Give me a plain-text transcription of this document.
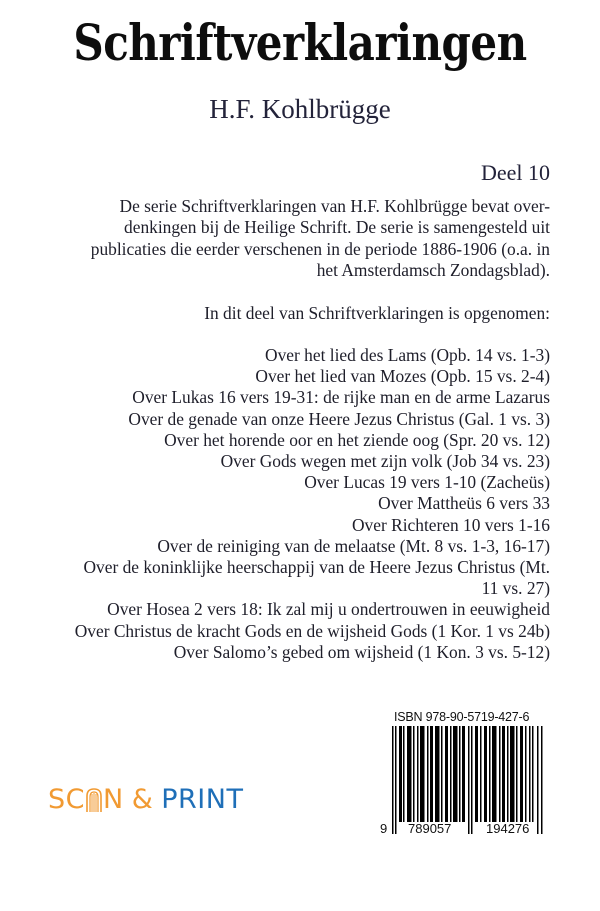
Schriftverklaringen
H.F. Kohlbrügge
Deel 10
De serie Schriftverklaringen van H.F. Kohlbrügge bevat over-
denkingen bij de Heilige Schrift. De serie is samengesteld uit
publicaties die eerder verschenen in de periode 1886-1906 (o.a. in
het Amsterdamsch Zondagsblad).
In dit deel van Schriftverklaringen is opgenomen:
Over het lied des Lams (Opb. 14 vs. 1-3)
Over het lied van Mozes (Opb. 15 vs. 2-4)
Over Lukas 16 vers 19-31: de rijke man en de arme Lazarus
Over de genade van onze Heere Jezus Christus (Gal. 1 vs. 3)
Over het horende oor en het ziende oog (Spr. 20 vs. 12)
Over Gods wegen met zijn volk (Job 34 vs. 23)
Over Lucas 19 vers 1-10 (Zacheüs)
Over Mattheüs 6 vers 33
Over Richteren 10 vers 1-16
Over de reiniging van de melaatse (Mt. 8 vs. 1-3, 16-17)
Over de koninklijke heerschappij van de Heere Jezus Christus (Mt.
11 vs. 27)
Over Hosea 2 vers 18: Ik zal mij u ondertrouwen in eeuwigheid
Over Christus de kracht Gods en de wijsheid Gods (1 Kor. 1 vs 24b)
Over Salomo’s gebed om wijsheid (1 Kon. 3 vs. 5-12)
SC N & PRINT
ISBN 978-90-5719-427-6
9 789057	194276
